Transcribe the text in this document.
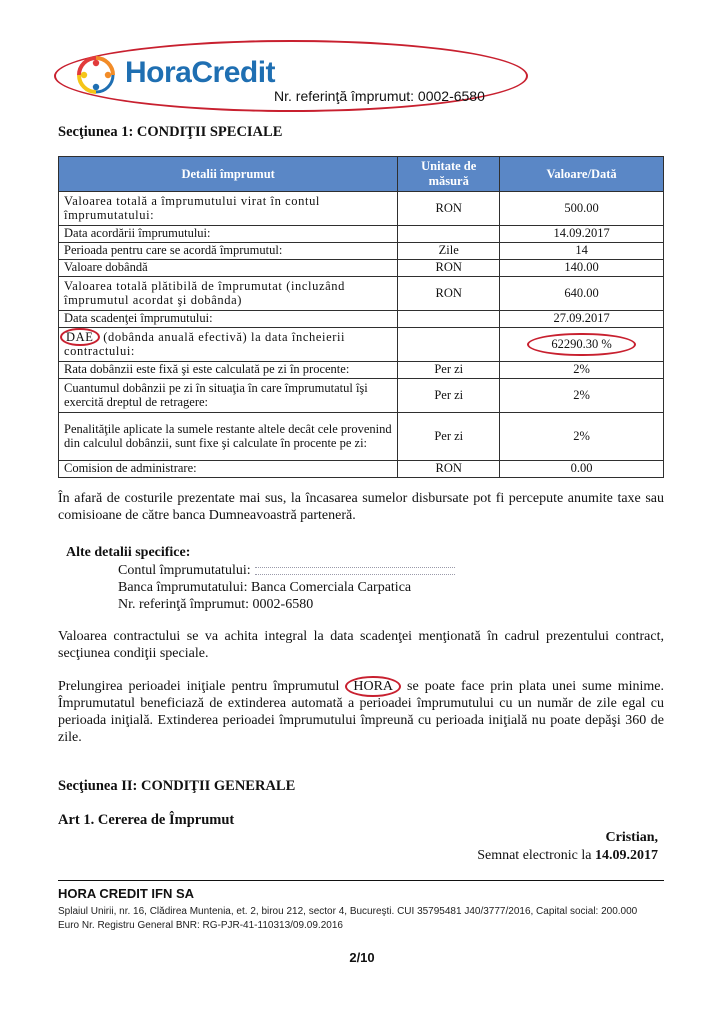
HoraCredit
Nr. referinţă împrumut: 0002-6580
Secţiunea 1: CONDIŢII SPECIALE
Detalii împrumut	Unitate de măsură	Valoare/Dată
Valoarea totală a împrumutului virat în contul împrumutatului:	RON	500.00
Data acordării împrumutului:		14.09.2017
Perioada pentru care se acordă împrumutul:	Zile	14
Valoare dobândă	RON	140.00
Valoarea totală plătibilă de împrumutat (incluzând împrumutul acordat şi dobânda)	RON	640.00
Data scadenţei împrumutului:		27.09.2017
DAE (dobânda anuală efectivă) la data încheierii contractului:		62290.30 %
Rata dobânzii este fixă şi este calculată pe zi în procente:	Per zi	2%
Cuantumul dobânzii pe zi în situaţia în care împrumutatul îşi exercită dreptul de retragere:	Per zi	2%
Penalităţile aplicate la sumele restante altele decât cele provenind din calculul dobânzii, sunt fixe şi calculate în procente pe zi:	Per zi	2%
Comision de administrare:	RON	0.00
În afară de costurile prezentate mai sus, la încasarea sumelor disbursate pot fi percepute anumite taxe sau comisioane de către banca Dumneavoastră parteneră.
Alte detalii specifice:
Contul împrumutatului:
Banca împrumutatului: Banca Comerciala Carpatica
Nr. referinţă împrumut: 0002-6580
Valoarea contractului se va achita integral la data scadenţei menţionată în cadrul prezentului contract, secţiunea condiţii speciale.
Prelungirea perioadei iniţiale pentru împrumutul HORA se poate face prin plata unei sume minime. Împrumutatul beneficiază de extinderea automată a perioadei împrumutului cu un număr de zile egal cu perioada iniţială. Extinderea perioadei împrumutului împreună cu perioada iniţială nu poate depăşi 360 de zile.
Secţiunea II: CONDIŢII GENERALE
Art 1. Cererea de Împrumut
Cristian,
Semnat electronic la 14.09.2017
HORA CREDIT IFN SA
Splaiul Unirii, nr. 16, Clădirea Muntenia, et. 2, birou 212, sector 4, Bucureşti. CUI 35795481 J40/3777/2016, Capital social: 200.000
Euro Nr. Registru General BNR: RG-PJR-41-110313/09.09.2016
2/10
